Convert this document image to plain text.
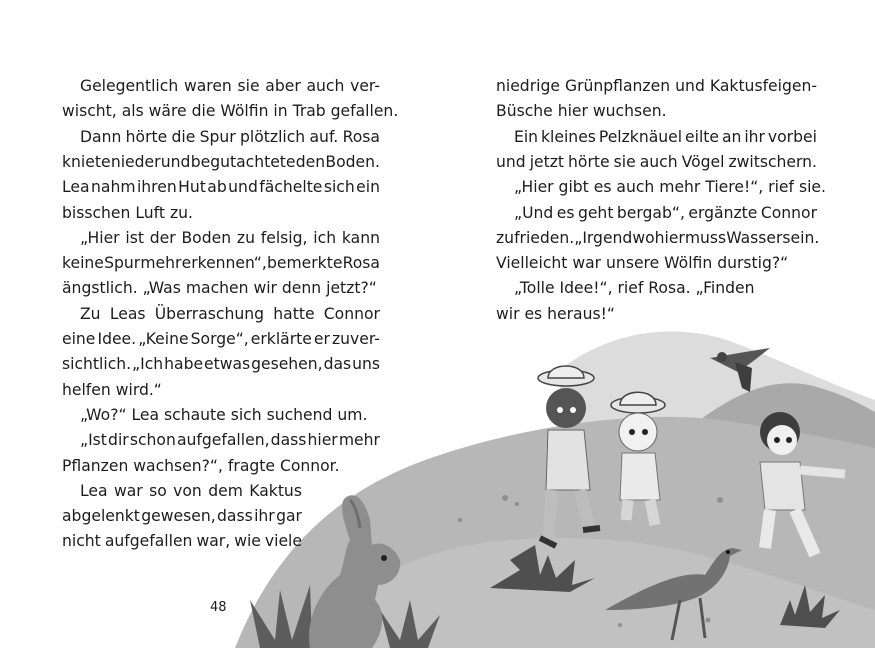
Gelegentlich waren sie aber auch ver-
wischt, als wäre die Wölfin in Trab gefallen.
Dann hörte die Spur plötzlich auf. Rosa
kniete nieder und begutachtete den Boden.
Lea nahm ihren Hut ab und fächelte sich ein
bisschen Luft zu.
„Hier ist der Boden zu felsig, ich kann
keine Spur mehr erkennen“, bemerkte Rosa
ängstlich. „Was machen wir denn jetzt?“
Zu Leas Überraschung hatte Connor
eine Idee. „Keine Sorge“, erklärte er zuver-
sichtlich. „Ich habe etwas gesehen, das uns
helfen wird.“
„Wo?“ Lea schaute sich suchend um.
„Ist dir schon aufgefallen, dass hier mehr
Pflanzen wachsen?“, fragte Connor.
Lea war so von dem Kaktus
abgelenkt gewesen, dass ihr gar
nicht aufgefallen war, wie viele
niedrige Grünpflanzen und Kaktusfeigen-
Büsche hier wuchsen.
Ein kleines Pelzknäuel eilte an ihr vorbei
und jetzt hörte sie auch Vögel zwitschern.
„Hier gibt es auch mehr Tiere!“, rief sie.
„Und es geht bergab“, ergänzte Connor
zufrieden. „Irgendwo hier muss Wasser sein.
Vielleicht war unsere Wölfin durstig?“
„Tolle Idee!“, rief Rosa. „Finden
wir es heraus!“
48
